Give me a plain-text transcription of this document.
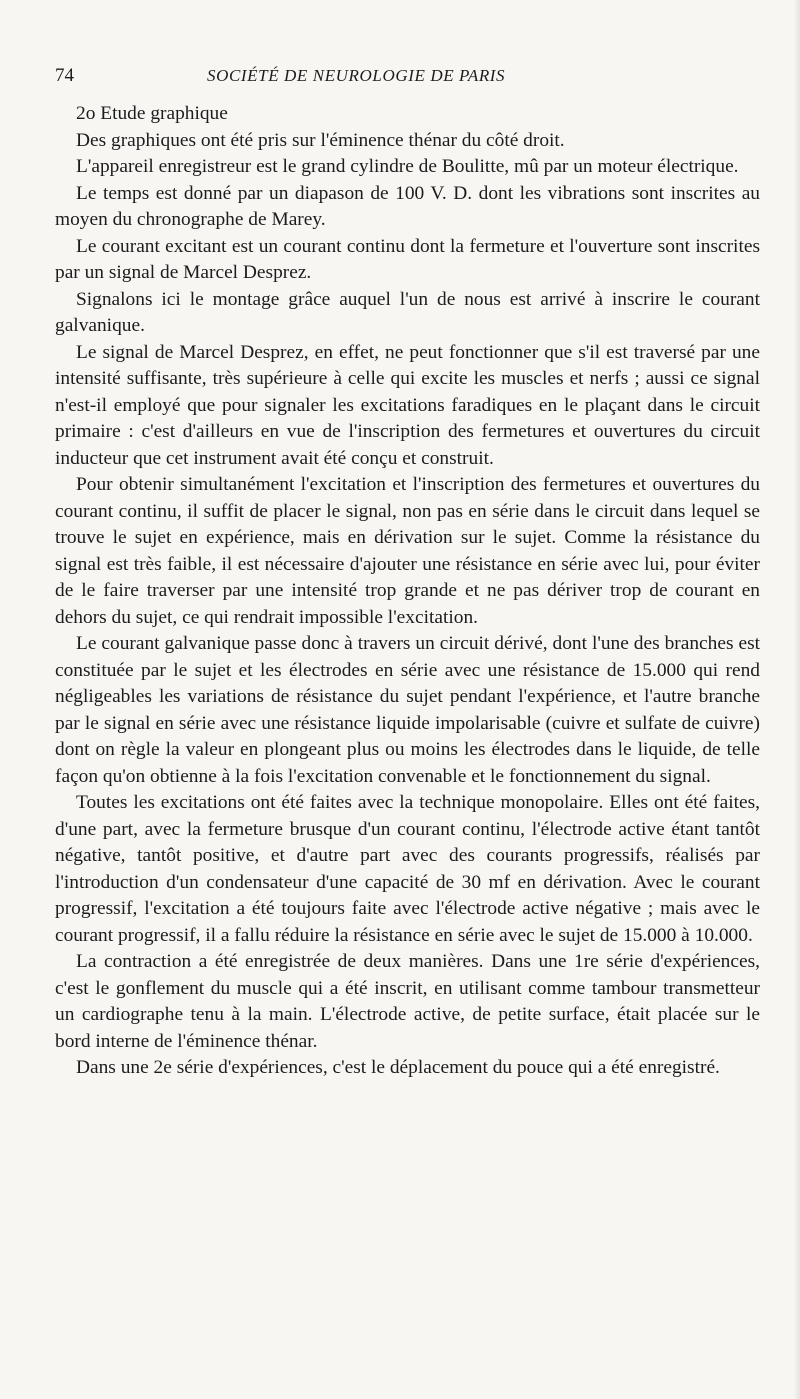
74	SOCIÉTÉ DE NEUROLOGIE DE PARIS

2o Etude graphique

Des graphiques ont été pris sur l'éminence thénar du côté droit.

L'appareil enregistreur est le grand cylindre de Boulitte, mû par un moteur électrique.

Le temps est donné par un diapason de 100 V. D. dont les vibrations sont inscrites au moyen du chronographe de Marey.

Le courant excitant est un courant continu dont la fermeture et l'ouverture sont inscrites par un signal de Marcel Desprez.

Signalons ici le montage grâce auquel l'un de nous est arrivé à inscrire le courant galvanique.

Le signal de Marcel Desprez, en effet, ne peut fonctionner que s'il est traversé par une intensité suffisante, très supérieure à celle qui excite les muscles et nerfs ; aussi ce signal n'est-il employé que pour signaler les excitations faradiques en le plaçant dans le circuit primaire : c'est d'ailleurs en vue de l'inscription des fermetures et ouvertures du circuit inducteur que cet instrument avait été conçu et construit.

Pour obtenir simultanément l'excitation et l'inscription des fermetures et ouvertures du courant continu, il suffit de placer le signal, non pas en série dans le circuit dans lequel se trouve le sujet en expérience, mais en dérivation sur le sujet. Comme la résistance du signal est très faible, il est nécessaire d'ajouter une résistance en série avec lui, pour éviter de le faire traverser par une intensité trop grande et ne pas dériver trop de courant en dehors du sujet, ce qui rendrait impossible l'excitation.

Le courant galvanique passe donc à travers un circuit dérivé, dont l'une des branches est constituée par le sujet et les électrodes en série avec une résistance de 15.000 qui rend négligeables les variations de résistance du sujet pendant l'expérience, et l'autre branche par le signal en série avec une résistance liquide impolarisable (cuivre et sulfate de cuivre) dont on règle la valeur en plongeant plus ou moins les électrodes dans le liquide, de telle façon qu'on obtienne à la fois l'excitation convenable et le fonctionnement du signal.

Toutes les excitations ont été faites avec la technique monopolaire. Elles ont été faites, d'une part, avec la fermeture brusque d'un courant continu, l'électrode active étant tantôt négative, tantôt positive, et d'autre part avec des courants progressifs, réalisés par l'introduction d'un condensateur d'une capacité de 30 mf en dérivation. Avec le courant progressif, l'excitation a été toujours faite avec l'électrode active négative ; mais avec le courant progressif, il a fallu réduire la résistance en série avec le sujet de 15.000 à 10.000.

La contraction a été enregistrée de deux manières. Dans une 1re série d'expériences, c'est le gonflement du muscle qui a été inscrit, en utilisant comme tambour transmetteur un cardiographe tenu à la main. L'électrode active, de petite surface, était placée sur le bord interne de l'éminence thénar.

Dans une 2e série d'expériences, c'est le déplacement du pouce qui a été enregistré.
